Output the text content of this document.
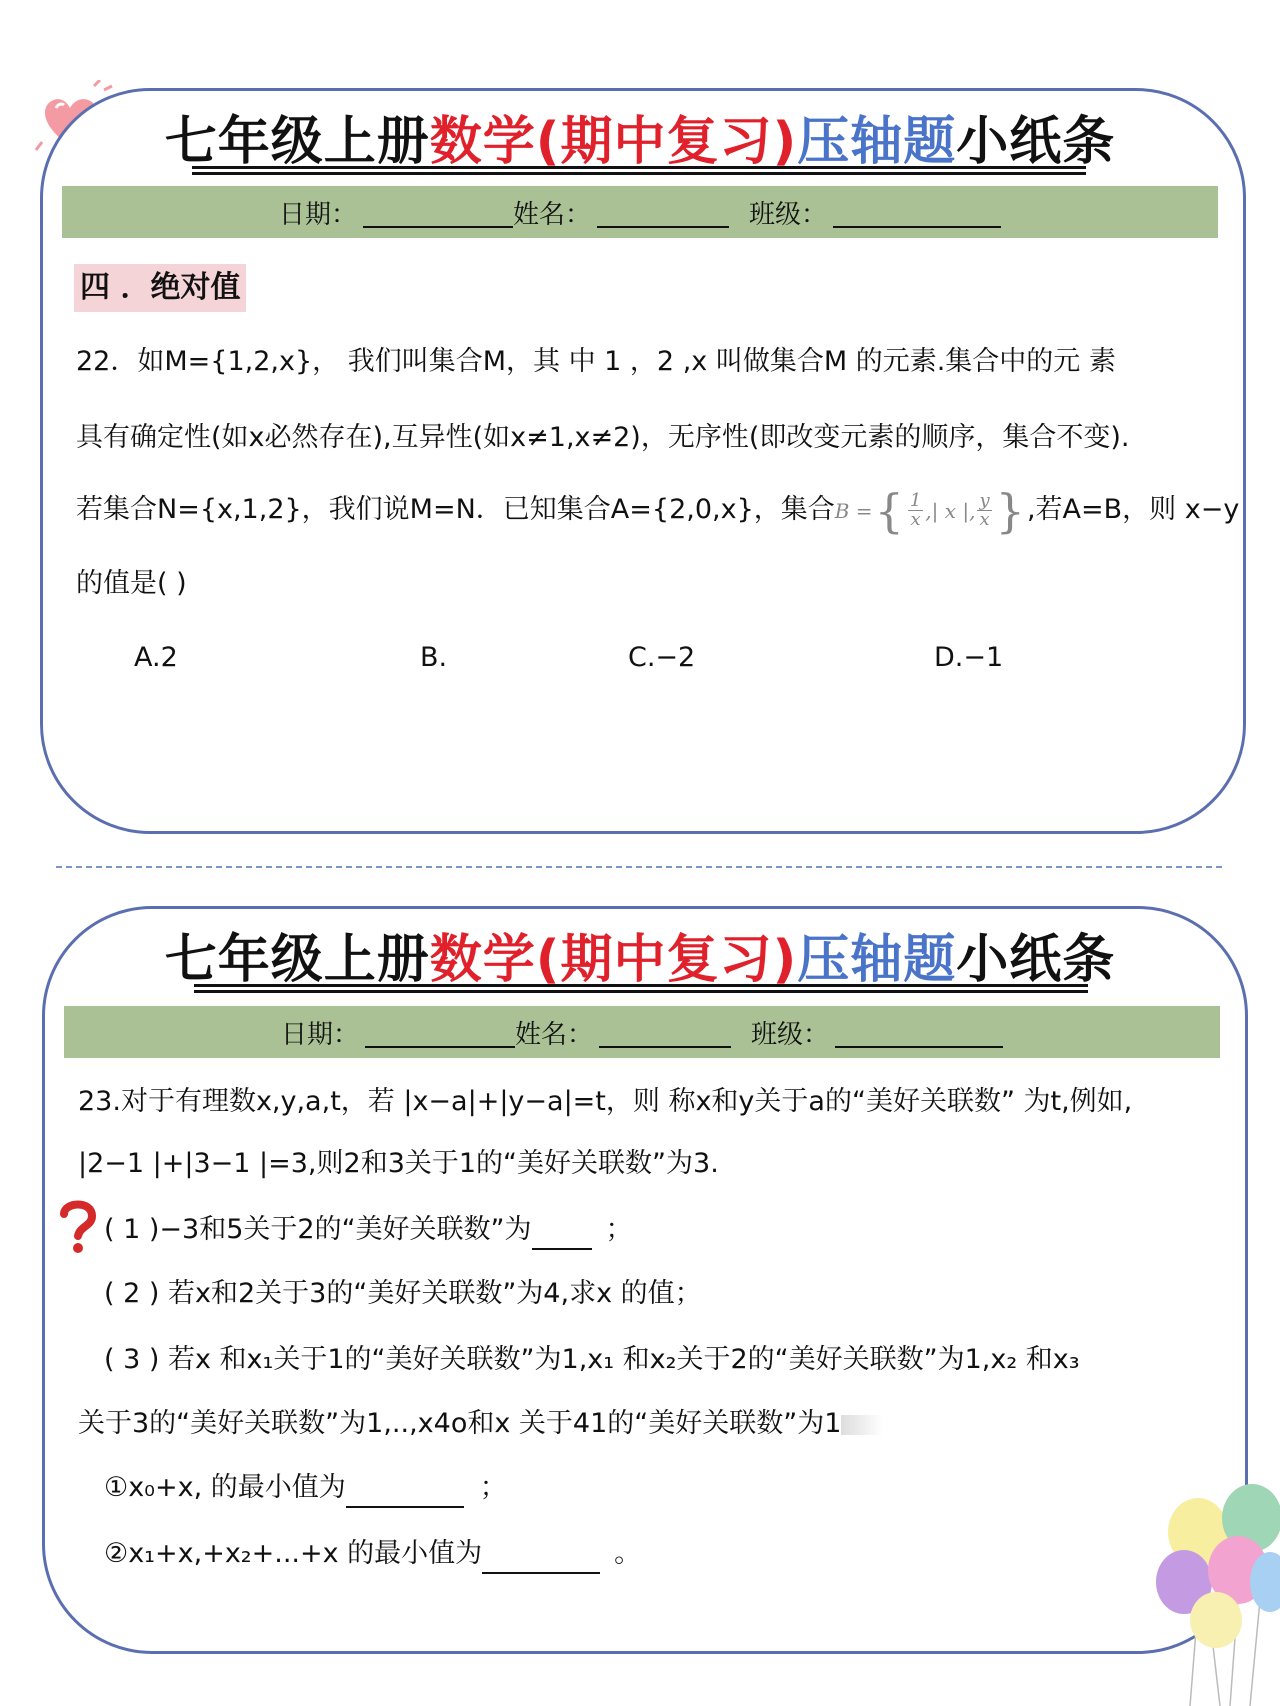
七年级上册数学(期中复习)压轴题小纸条
日期：	姓名：	班级：
四 ．绝对值
22．如M={1,2,x}， 我们叫集合M，其 中 1 ，2 ,x 叫做集合M 的元素.集合中的元 素
具有确定性(如x必然存在),互异性(如x≠1,x≠2)，无序性(即改变元素的顺序，集合不变).
若集合N={x,1,2}，我们说M=N．已知集合A={2,0,x}，集合 B = { $\frac{1}{x}$ ,| x |, $\frac{y}{x}$ } ,若A=B，则 x−y
的值是( )
A.2	B.	C.−2	D.−1
七年级上册数学(期中复习)压轴题小纸条
日期：	姓名：	班级：
23.对于有理数x,y,a,t，若 |x−a|+|y−a|=t，则 称x和y关于a的“美好关联数” 为t,例如,
|2−1 |+|3−1 |=3,则2和3关于1的“美好关联数”为3.
( 1 )−3和5关于2的“美好关联数”为	；
( 2 ) 若x和2关于3的“美好关联数”为4,求x 的值；
( 3 ) 若x 和x₁关于1的“美好关联数”为1,x₁ 和x₂关于2的“美好关联数”为1,x₂ 和x₃
关于3的“美好关联数”为1,..,x4o和x 关于41的“美好关联数”为1
①x₀+x, 的最小值为	；
②x₁+x,+x₂+...+x 的最小值为	。
